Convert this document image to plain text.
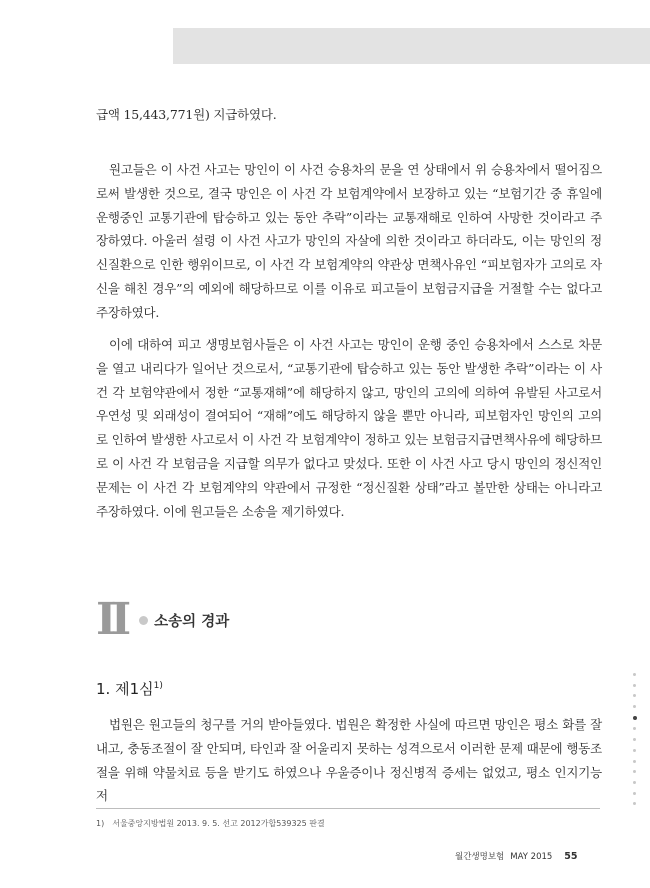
급액 15,443,771원) 지급하였다.

원고들은 이 사건 사고는 망인이 이 사건 승용차의 문을 연 상태에서 위 승용차에서 떨어짐으로써 발생한 것으로, 결국 망인은 이 사건 각 보험계약에서 보장하고 있는 “보험기간 중 휴일에 운행중인 교통기관에 탑승하고 있는 동안 추락”이라는 교통재해로 인하여 사망한 것이라고 주장하였다. 아울러 설령 이 사건 사고가 망인의 자살에 의한 것이라고 하더라도, 이는 망인의 정신질환으로 인한 행위이므로, 이 사건 각 보험계약의 약관상 면책사유인 “피보험자가 고의로 자신을 해친 경우”의 예외에 해당하므로 이를 이유로 피고들이 보험금지급을 거절할 수는 없다고 주장하였다.

이에 대하여 피고 생명보험사들은 이 사건 사고는 망인이 운행 중인 승용차에서 스스로 차문을 열고 내리다가 일어난 것으로서, “교통기관에 탑승하고 있는 동안 발생한 추락”이라는 이 사건 각 보험약관에서 정한 “교통재해”에 해당하지 않고, 망인의 고의에 의하여 유발된 사고로서 우연성 및 외래성이 결여되어 “재해”에도 해당하지 않을 뿐만 아니라, 피보험자인 망인의 고의로 인하여 발생한 사고로서 이 사건 각 보험계약이 정하고 있는 보험금지급면책사유에 해당하므로 이 사건 각 보험금을 지급할 의무가 없다고 맞섰다. 또한 이 사건 사고 당시 망인의 정신적인 문제는 이 사건 각 보험계약의 약관에서 규정한 “정신질환 상태”라고 볼만한 상태는 아니라고 주장하였다. 이에 원고들은 소송을 제기하였다.

II 소송의 경과
1. 제1심$^{1)}$

법원은 원고들의 청구를 거의 받아들였다. 법원은 확정한 사실에 따르면 망인은 평소 화를 잘 내고, 충동조절이 잘 안되며, 타인과 잘 어울리지 못하는 성격으로서 이러한 문제 때문에 행동조절을 위해 약물치료 등을 받기도 하였으나 우울증이나 정신병적 증세는 없었고, 평소 인지기능 저

1) 서울중앙지방법원 2013. 9. 5. 선고 2012가합539325 판결
월간생명보험 MAY 2015 55
